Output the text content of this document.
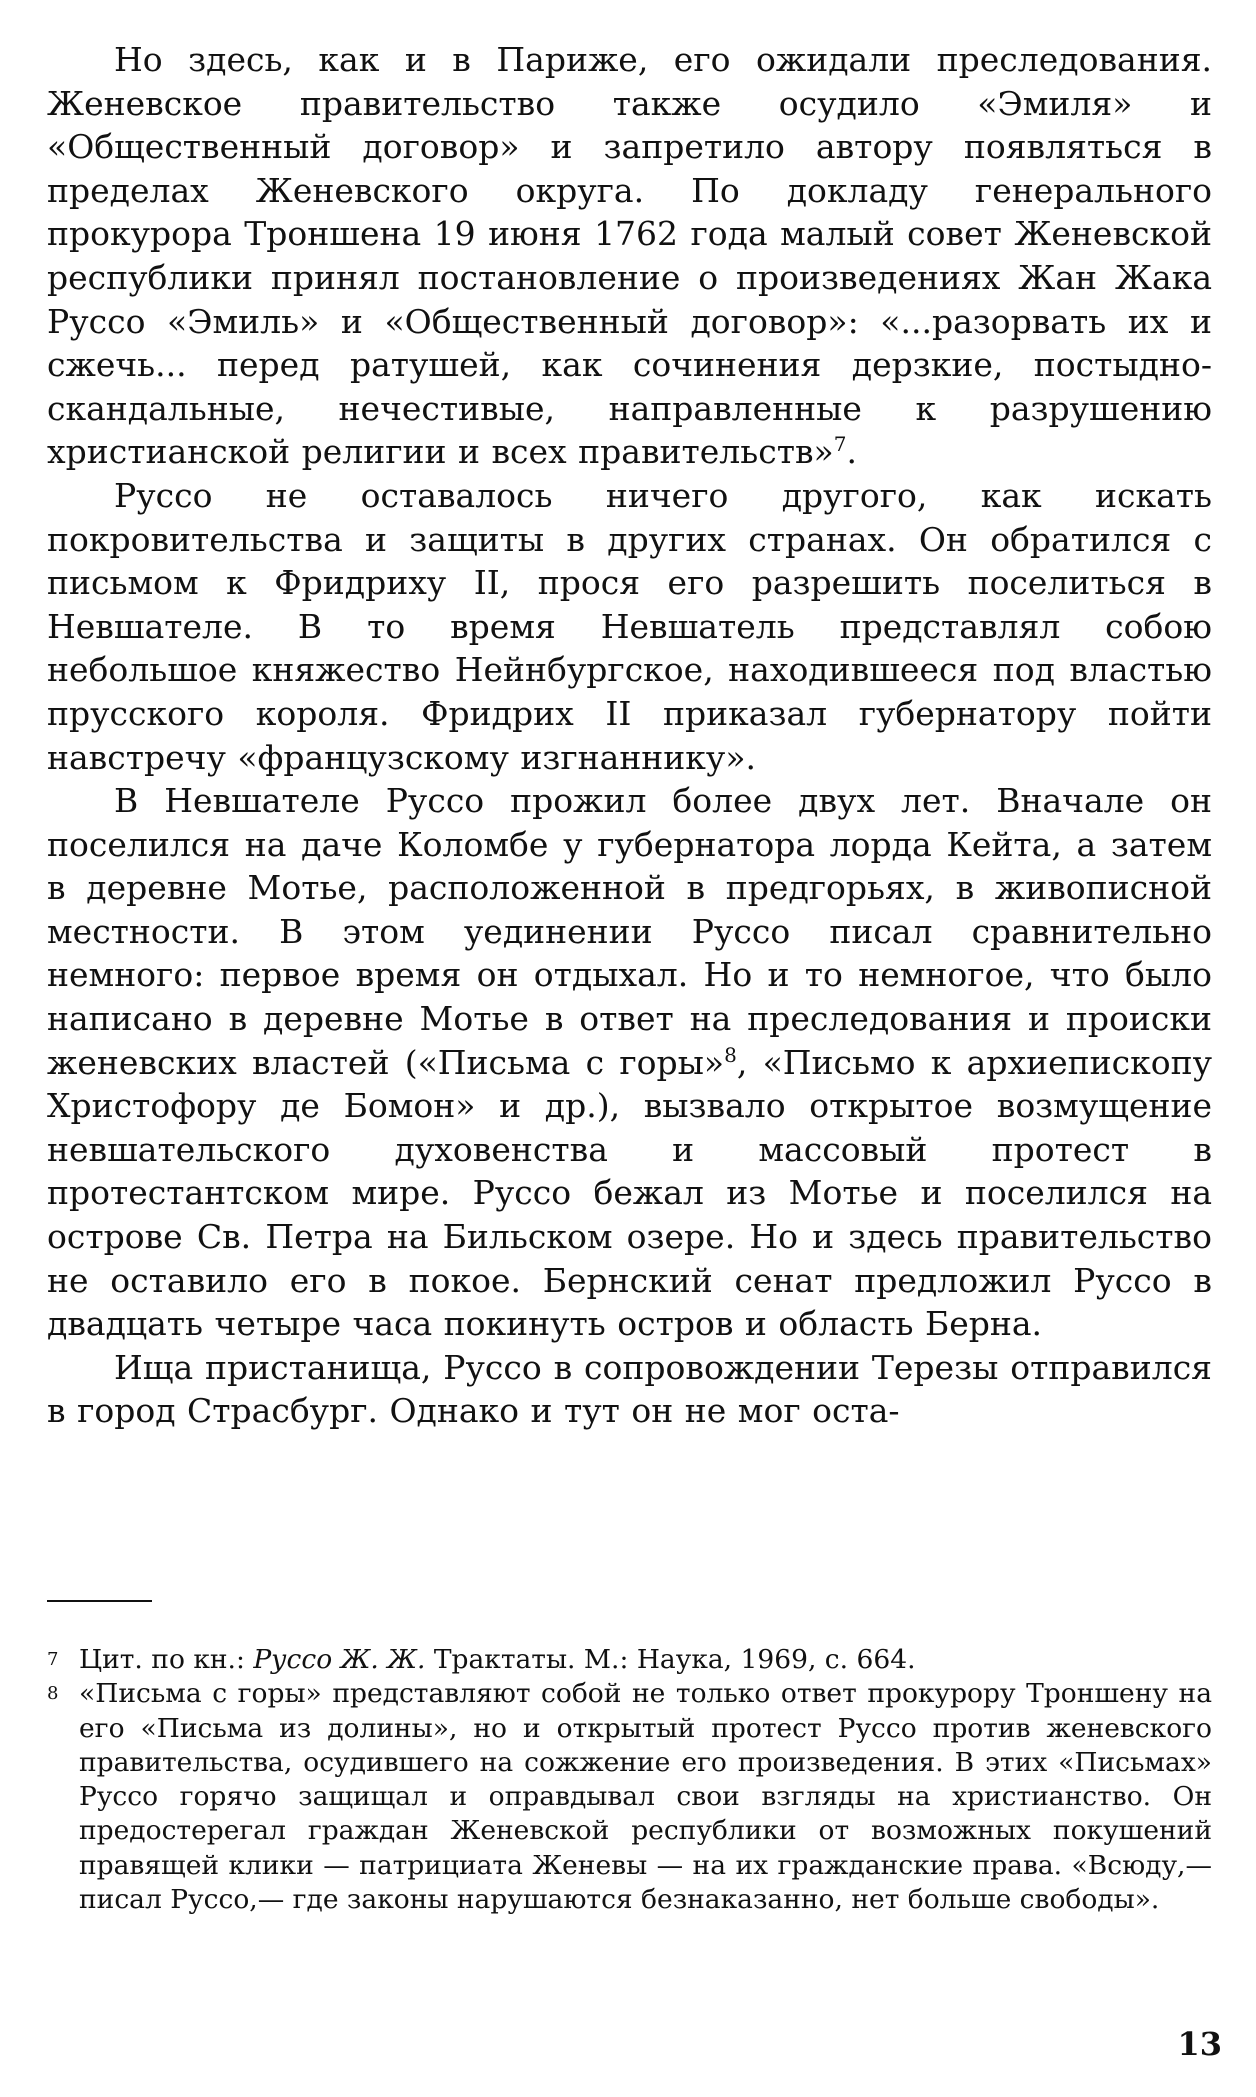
Но здесь, как и в Париже, его ожидали преследования. Женевское правительство также осудило «Эмиля» и «Общественный договор» и запретило автору появляться в пределах Женевского округа. По докладу генерального прокурора Троншена 19 июня 1762 года малый совет Женевской республики принял постановление о произведениях Жан Жака Руссо «Эмиль» и «Общественный договор»: «...разорвать их и сжечь... перед ратушей, как сочинения дерзкие, постыдно-скандальные, нечестивые, направленные к разрушению христианской религии и всех правительств»$^7$.

Руссо не оставалось ничего другого, как искать покровительства и защиты в других странах. Он обратился с письмом к Фридриху II, прося его разрешить поселиться в Невшателе. В то время Невшатель представлял собою небольшое княжество Нейнбургское, находившееся под властью прусского короля. Фридрих II приказал губернатору пойти навстречу «французскому изгнаннику».

В Невшателе Руссо прожил более двух лет. Вначале он поселился на даче Коломбе у губернатора лорда Кейта, а затем в деревне Мотье, расположенной в предгорьях, в живописной местности. В этом уединении Руссо писал сравнительно немного: первое время он отдыхал. Но и то немногое, что было написано в деревне Мотье в ответ на преследования и происки женевских властей («Письма с горы»$^8$, «Письмо к архиепископу Христофору де Бомон» и др.), вызвало открытое возмущение невшательского духовенства и массовый протест в протестантском мире. Руссо бежал из Мотье и поселился на острове Св. Петра на Бильском озере. Но и здесь правительство не оставило его в покое. Бернский сенат предложил Руссо в двадцать четыре часа покинуть остров и область Берна.

Ища пристанища, Руссо в сопровождении Терезы отправился в город Страсбург. Однако и тут он не мог оста-

7 Цит. по кн.: Руссо Ж. Ж. Трактаты. М.: Наука, 1969, с. 664.

8 «Письма с горы» представляют собой не только ответ прокурору Троншену на его «Письма из долины», но и открытый протест Руссо против женевского правительства, осудившего на сожжение его произведения. В этих «Письмах» Руссо горячо защищал и оправдывал свои взгляды на христианство. Он предостерегал граждан Женевской республики от возможных покушений правящей клики — патрициата Женевы — на их гражданские права. «Всюду,— писал Руссо,— где законы нарушаются безнаказанно, нет больше свободы».

13
